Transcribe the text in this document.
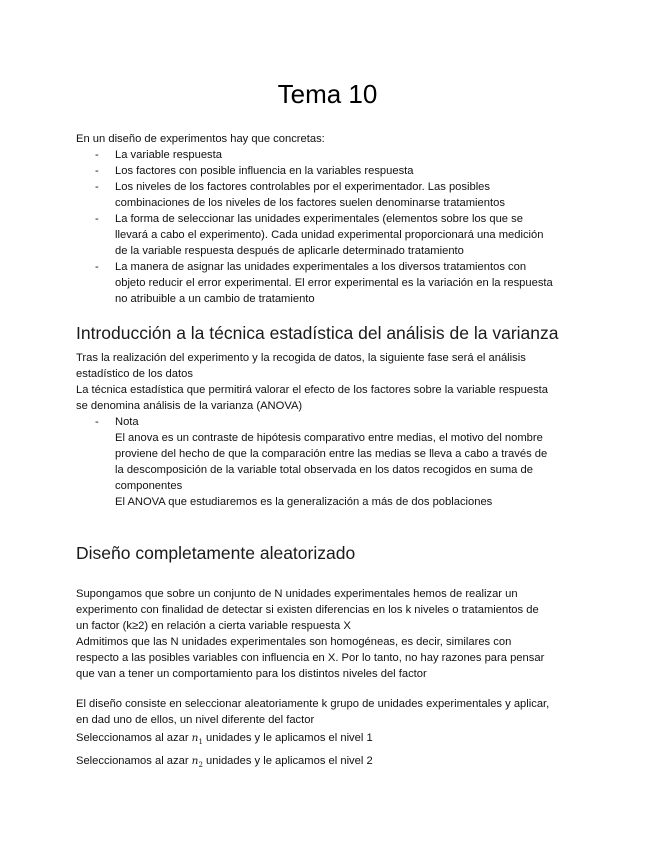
Tema 10
En un diseño de experimentos hay que concretas:
- La variable respuesta
- Los factores con posible influencia en la variables respuesta
- Los niveles de los factores controlables por el experimentador. Las posibles
combinaciones de los niveles de los factores suelen denominarse tratamientos
- La forma de seleccionar las unidades experimentales (elementos sobre los que se
llevará a cabo el experimento). Cada unidad experimental proporcionará una medición
de la variable respuesta después de aplicarle determinado tratamiento
- La manera de asignar las unidades experimentales a los diversos tratamientos con
objeto reducir el error experimental. El error experimental es la variación en la respuesta
no atribuible a un cambio de tratamiento
Introducción a la técnica estadística del análisis de la varianza
Tras la realización del experimento y la recogida de datos, la siguiente fase será el análisis
estadístico de los datos
La técnica estadística que permitirá valorar el efecto de los factores sobre la variable respuesta
se denomina análisis de la varianza (ANOVA)
- Nota
El anova es un contraste de hipótesis comparativo entre medias, el motivo del nombre
proviene del hecho de que la comparación entre las medias se lleva a cabo a través de
la descomposición de la variable total observada en los datos recogidos en suma de
componentes
El ANOVA que estudiaremos es la generalización a más de dos poblaciones
Diseño completamente aleatorizado
Supongamos que sobre un conjunto de N unidades experimentales hemos de realizar un
experimento con finalidad de detectar si existen diferencias en los k niveles o tratamientos de
un factor (k≥2) en relación a cierta variable respuesta X
Admitimos que las N unidades experimentales son homogéneas, es decir, similares con
respecto a las posibles variables con influencia en X. Por lo tanto, no hay razones para pensar
que van a tener un comportamiento para los distintos niveles del factor
El diseño consiste en seleccionar aleatoriamente k grupo de unidades experimentales y aplicar,
en dad uno de ellos, un nivel diferente del factor
Seleccionamos al azar $n_1$ unidades y le aplicamos el nivel 1
Seleccionamos al azar $n_2$ unidades y le aplicamos el nivel 2
